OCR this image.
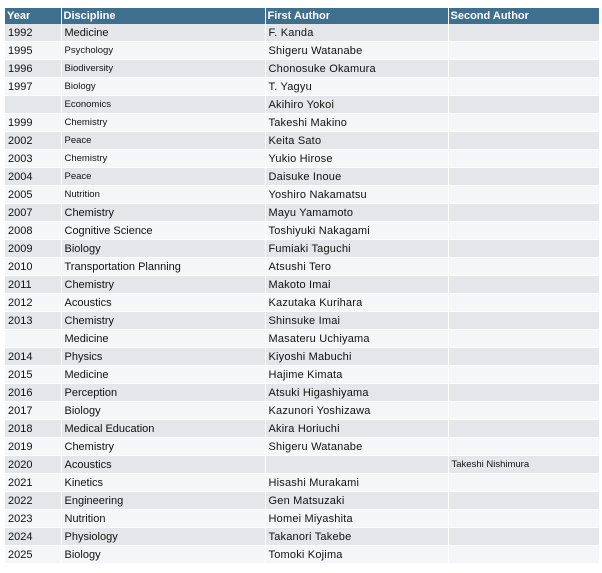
Year	Discipline	First Author	Second Author
1992	Medicine	F. Kanda	
1995	Psychology	Shigeru Watanabe	
1996	Biodiversity	Chonosuke Okamura	
1997	Biology	T. Yagyu	
	Economics	Akihiro Yokoi	
1999	Chemistry	Takeshi Makino	
2002	Peace	Keita Sato	
2003	Chemistry	Yukio Hirose	
2004	Peace	Daisuke Inoue	
2005	Nutrition	Yoshiro Nakamatsu	
2007	Chemistry	Mayu Yamamoto	
2008	Cognitive Science	Toshiyuki Nakagami	
2009	Biology	Fumiaki Taguchi	
2010	Transportation Planning	Atsushi Tero	
2011	Chemistry	Makoto Imai	
2012	Acoustics	Kazutaka Kurihara	
2013	Chemistry	Shinsuke Imai	
	Medicine	Masateru Uchiyama	
2014	Physics	Kiyoshi Mabuchi	
2015	Medicine	Hajime Kimata	
2016	Perception	Atsuki Higashiyama	
2017	Biology	Kazunori Yoshizawa	
2018	Medical Education	Akira Horiuchi	
2019	Chemistry	Shigeru Watanabe	
2020	Acoustics		Takeshi Nishimura
2021	Kinetics	Hisashi Murakami	
2022	Engineering	Gen Matsuzaki	
2023	Nutrition	Homei Miyashita	
2024	Physiology	Takanori Takebe	
2025	Biology	Tomoki Kojima	
